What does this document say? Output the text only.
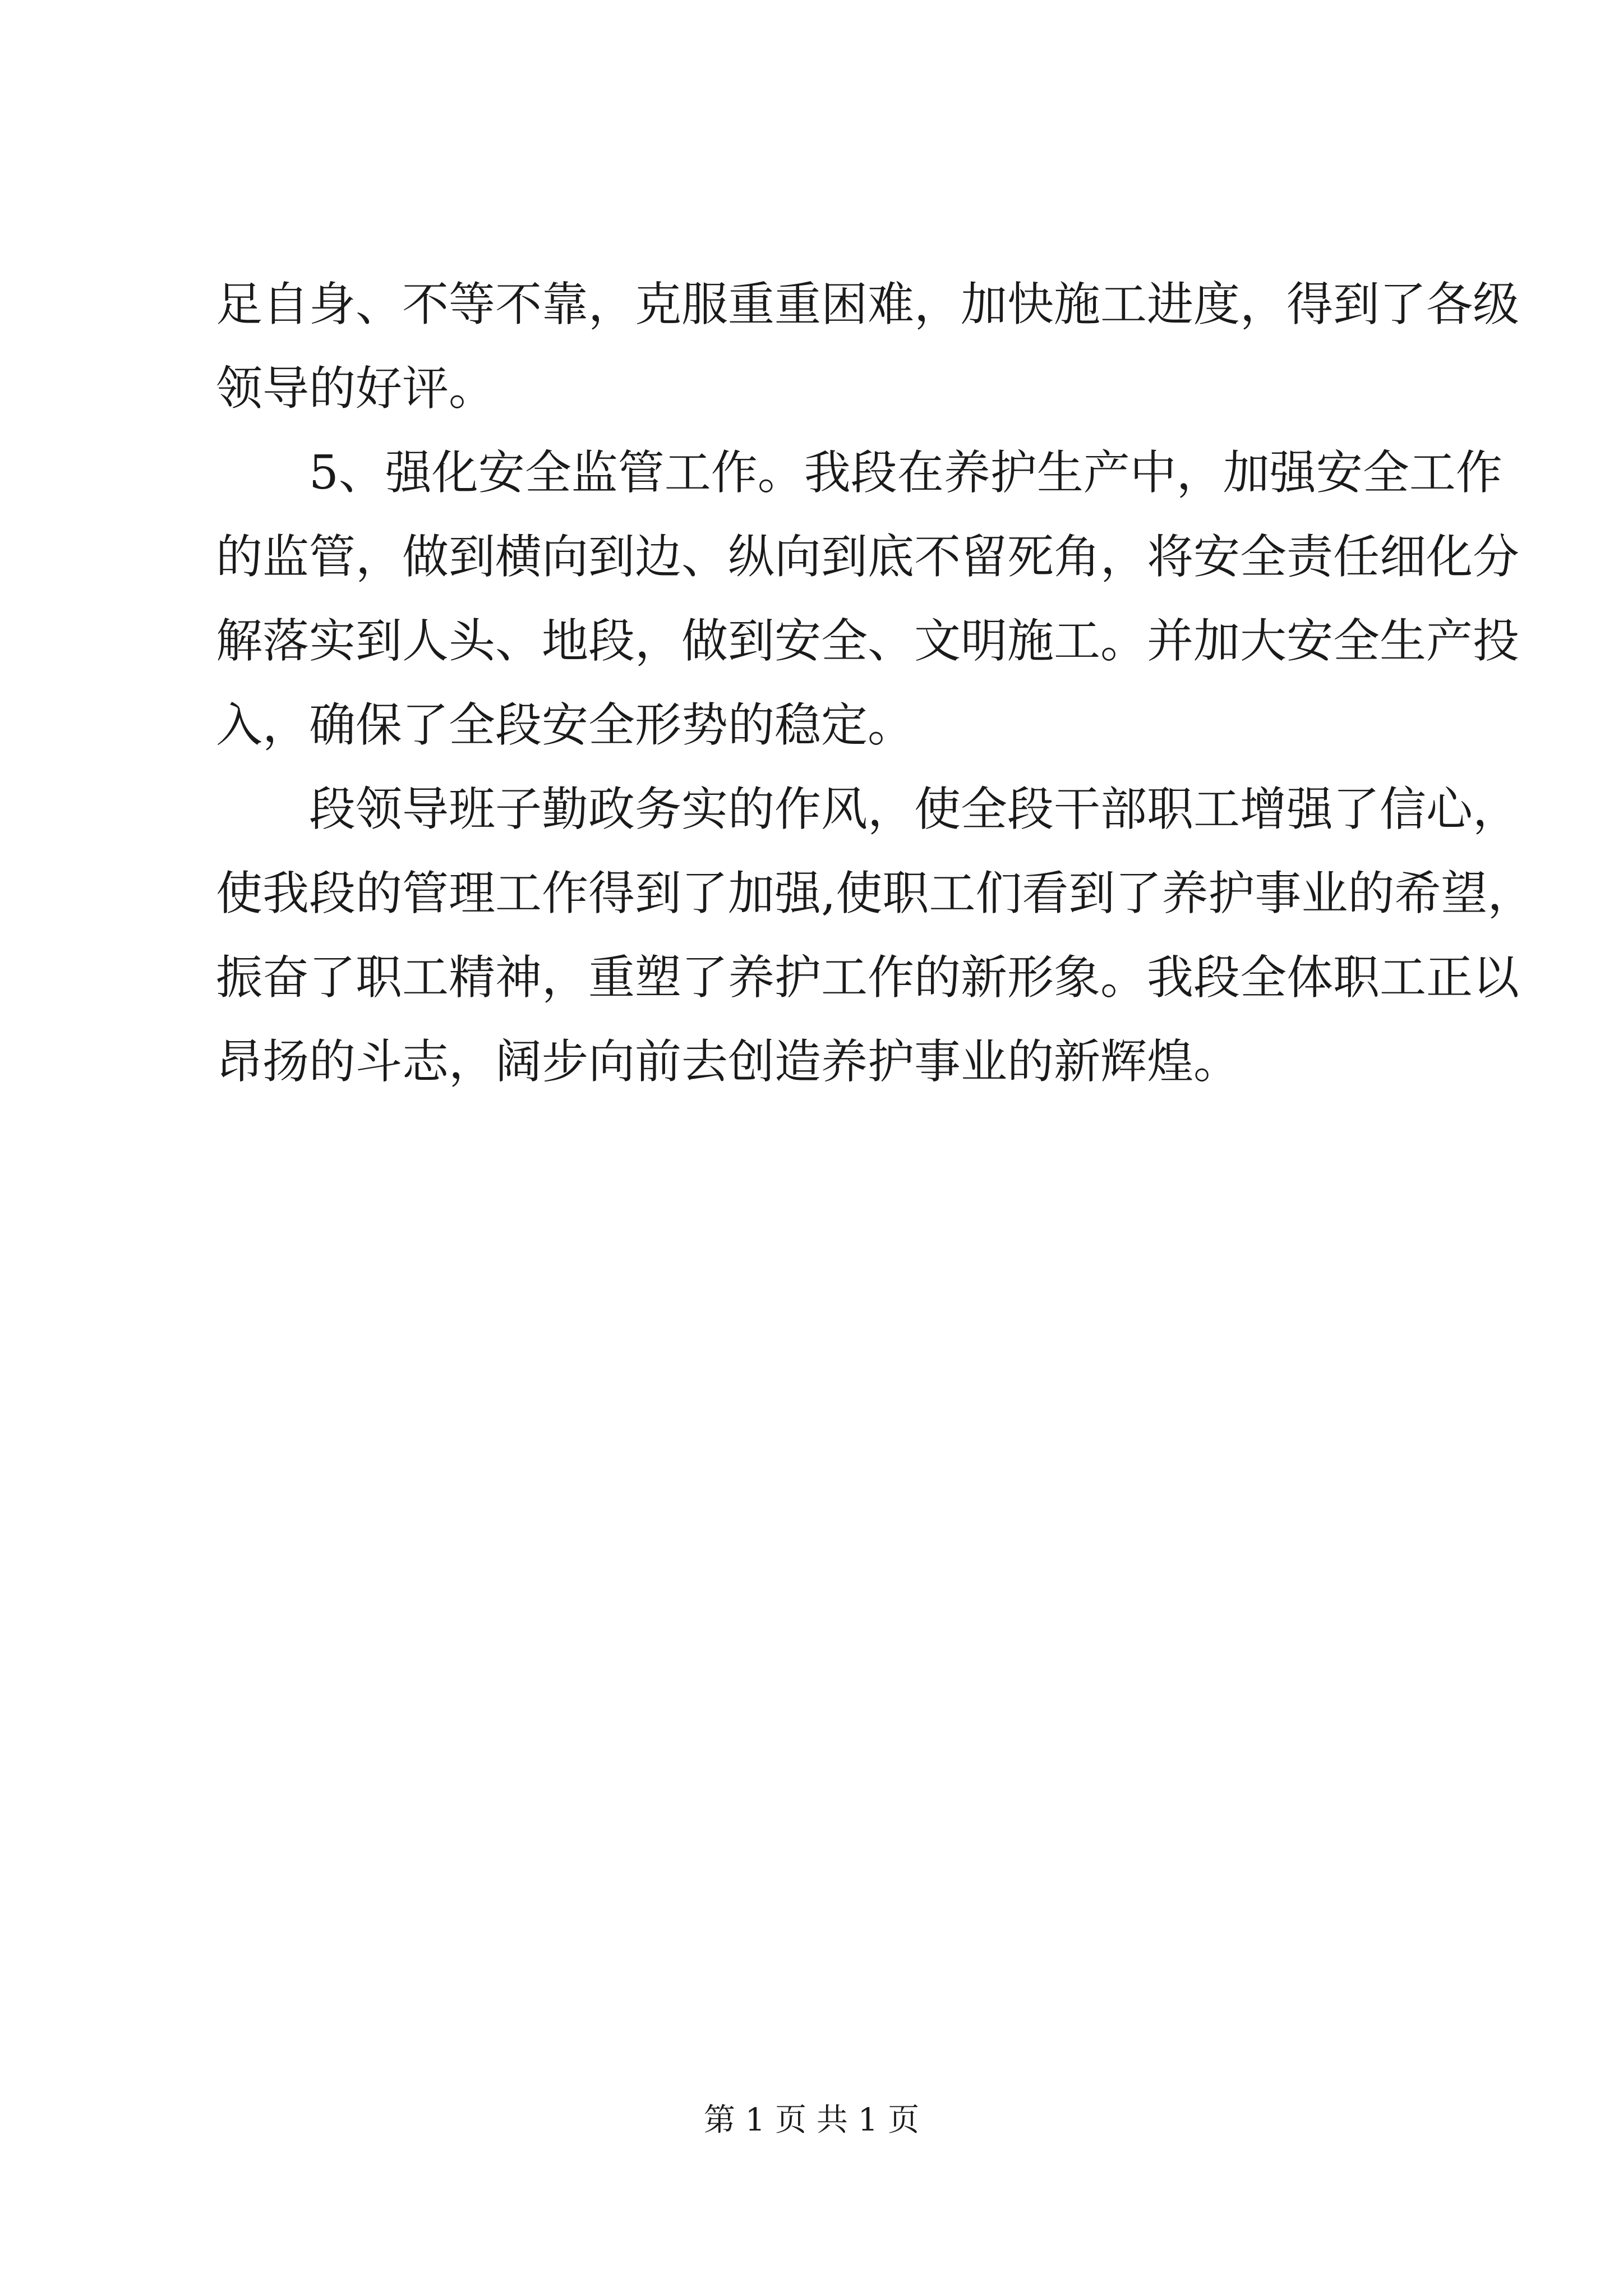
足自身、不等不靠，克服重重困难，加快施工进度，得到了各级
领导的好评。
5、强化安全监管工作。我段在养护生产中，加强安全工作
的监管，做到横向到边、纵向到底不留死角，将安全责任细化分
解落实到人头、地段，做到安全、文明施工。并加大安全生产投
入，确保了全段安全形势的稳定。
段领导班子勤政务实的作风，使全段干部职工增强了信心，
使我段的管理工作得到了加强,使职工们看到了养护事业的希望，
振奋了职工精神，重塑了养护工作的新形象。我段全体职工正以
昂扬的斗志，阔步向前去创造养护事业的新辉煌。
第 1 页 共 1 页
